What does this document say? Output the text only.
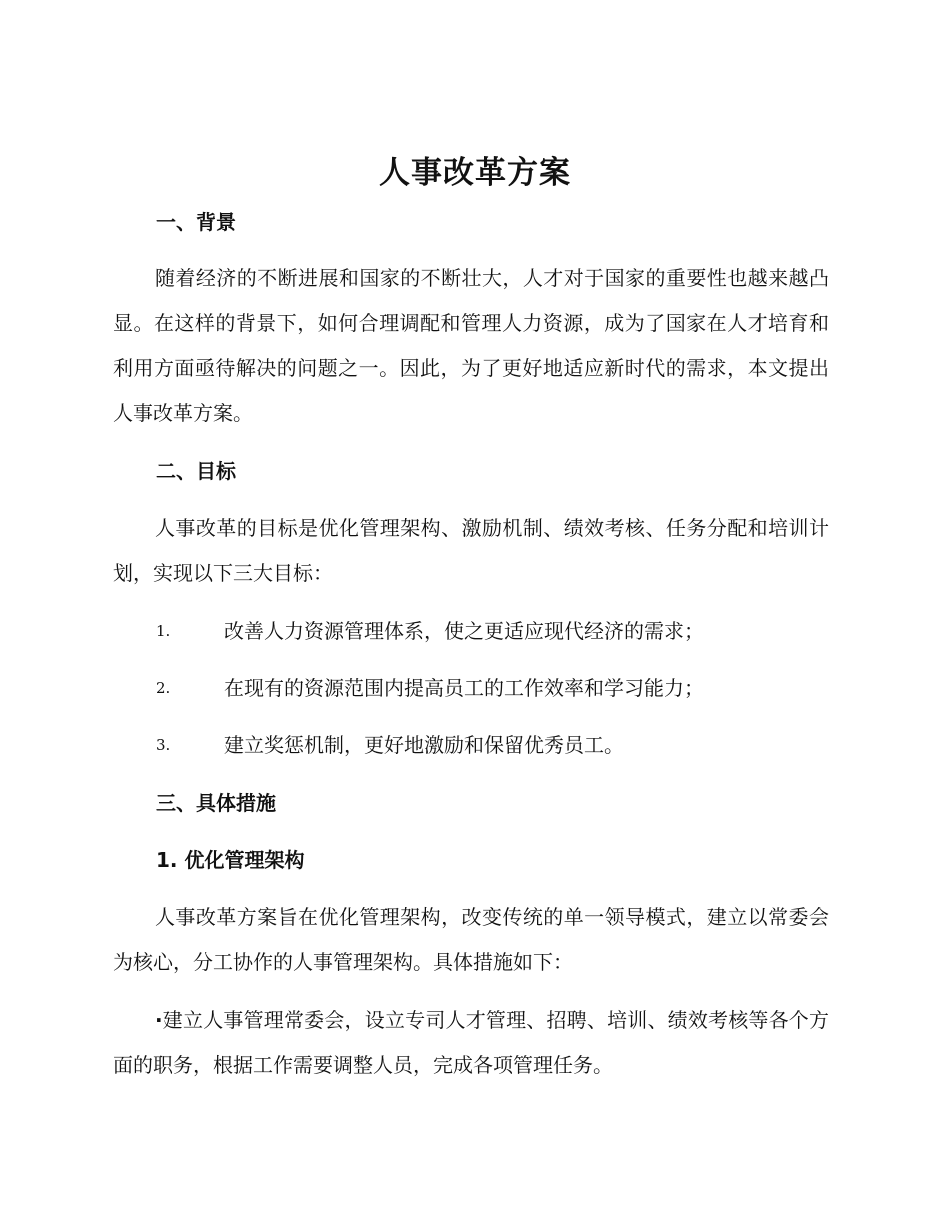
人事改革方案
一、背景

随着经济的不断进展和国家的不断壮大，人才对于国家的重要性也越来越凸显。在这样的背景下，如何合理调配和管理人力资源，成为了国家在人才培育和利用方面亟待解决的问题之一。因此，为了更好地适应新时代的需求，本文提出人事改革方案。

二、目标

人事改革的目标是优化管理架构、激励机制、绩效考核、任务分配和培训计划，实现以下三大目标：

1.	改善人力资源管理体系，使之更适应现代经济的需求；
2.	在现有的资源范围内提高员工的工作效率和学习能力；
3.	建立奖惩机制，更好地激励和保留优秀员工。
三、具体措施
1. 优化管理架构

人事改革方案旨在优化管理架构，改变传统的单一领导模式，建立以常委会为核心，分工协作的人事管理架构。具体措施如下：

·建立人事管理常委会，设立专司人才管理、招聘、培训、绩效考核等各个方面的职务，根据工作需要调整人员，完成各项管理任务。
